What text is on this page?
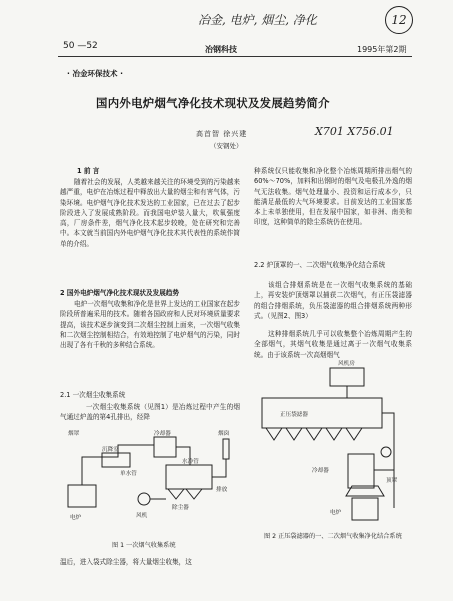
冶金, 电炉, 烟尘, 净化	12
X701 X756.01
50 —52	冶钢科技	1995年第2期
· 冶金环保技术 ·
国内外电炉烟气净化技术现状及发展趋势简介
高首智 徐兴建
（安钢处）
1 前 言

随着社会的发展，人类越来越关注的环境受到的污染越来越严重，电炉在冶炼过程中释放出大量的烟尘和有害气体，污染环境。电炉烟气净化技术发达的工业国家，已在过去了起步阶段进入了发展成熟阶段。而我国电炉装入量大，吹氧强度高，厂房条件差，烟气净化技术起步较晚，处在研究和完善中。本文就当前国内外电炉烟气净化技术其代表性的系统作简单的介绍。

2 国外电炉烟气净化技术现状及发展趋势

电炉一次烟气收集和净化是世界上发达的工业国家在起步阶段所普遍采用的技术。随着各国政府和人民对环境质量要求提高，该技术逐步演变到二次烟尘控制上面来，一次烟气收集和二次烟尘控制相结合，有效地控制了电炉烟气的污染，同时出现了各有千秋的多种结合系统。

2.1 一次烟尘收集系统

一次烟尘收集系统（见图1）是冶炼过程中产生的烟气通过炉盖的第4孔排出，经降

烟罩
沉降室
冷却器
水冷管
单水管
除尘器
风机
电炉
排放
烟囱
图 1 一次烟气收集系统
温后，进入袋式除尘器，将大量烟尘收集，这

种系统仅只能收集和净化整个冶炼周期所排出烟气的60%～70%，加料和出钢时的烟气及电极孔外逸的烟气无法收集。烟气处理量小、投资和运行成本少，只能满足最低的大气环境要求。目前发达的工业国家基本上未单独使用，但在发展中国家，如非洲、南美和印度，这种简单的除尘系统仍在使用。

2.2 炉顶罩的一、二次烟气收集净化结合系统

该组合排烟系统是在一次烟气收集系统的基础上，再安装炉顶烟罩以捕获二次烟气，有正压袋滤器的组合排烟系统，负压袋滤器的组合排烟系统两种形式。（见图2、图3）

这种排烟系统几乎可以收集整个冶炼周期产生的全部烟气，其烟气收集是通过离于一次烟气收集系统。由于该系统一次高烟烟气

风机房
正压袋滤器
冷却器
顶罩
电炉
图 2 正压袋滤器的一、二次烟气收集净化结合系统
